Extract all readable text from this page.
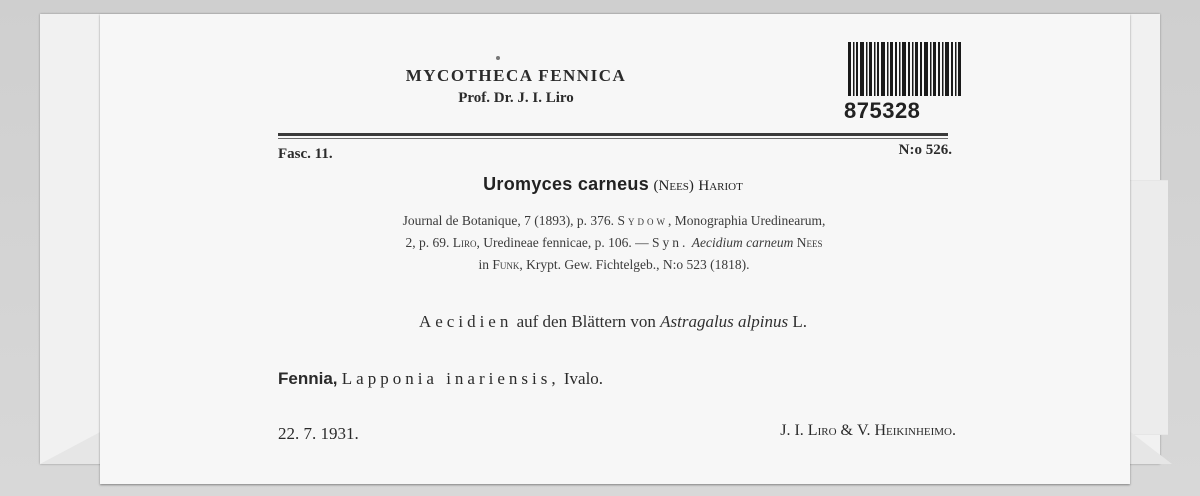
MYCOTHECA FENNICA
Prof. Dr. J. I. Liro	875328
Fasc. 11.	N:o 526.
Uromyces carneus (Nees) Hariot
Journal de Botanique, 7 (1893), p. 376. Sydow, Monographia Uredinearum,
2, p. 69. Liro, Uredineae fennicae, p. 106. — Syn. Aecidium carneum Nees
in Funk, Krypt. Gew. Fichtelgeb., N:o 523 (1818).
Aecidien auf den Blättern von Astragalus alpinus L.
Fennia, Lapponia inariensis, Ivalo.
22. 7. 1931.	J. I. Liro & V. Heikinheimo.
